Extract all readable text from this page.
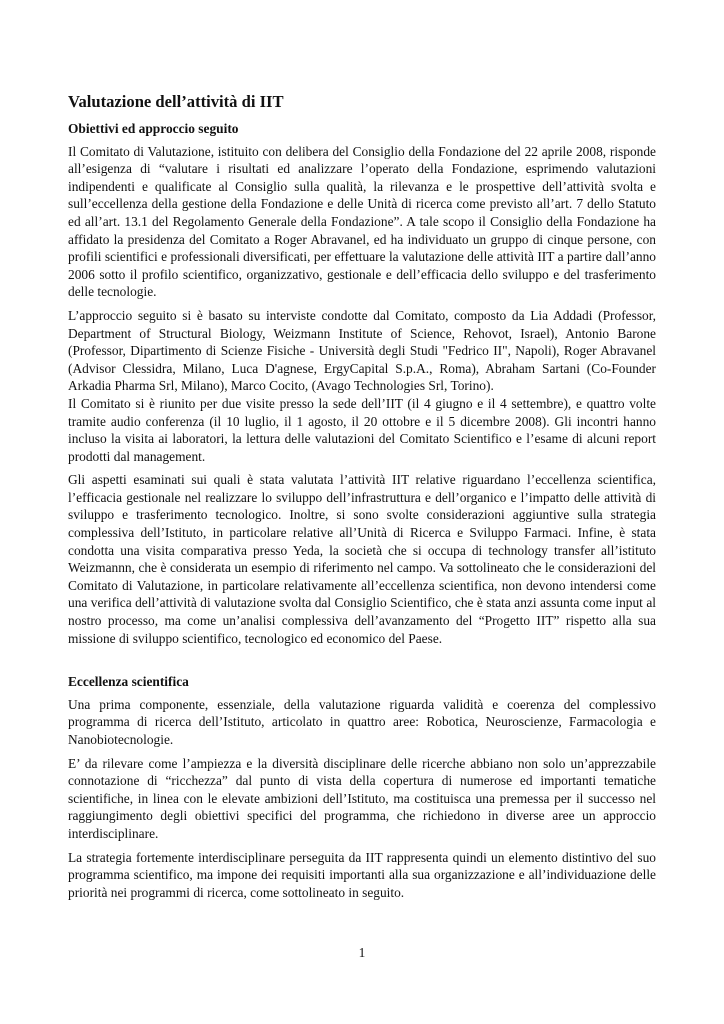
Valutazione dell’attività di IIT
Obiettivi ed approccio seguito

Il Comitato di Valutazione, istituito con delibera del Consiglio della Fondazione del 22 aprile 2008, risponde all’esigenza di “valutare i risultati ed analizzare l’operato della Fondazione, esprimendo valutazioni indipendenti e qualificate al Consiglio sulla qualità, la rilevanza e le prospettive dell’attività svolta e sull’eccellenza della gestione della Fondazione e delle Unità di ricerca come previsto all’art. 7 dello Statuto ed all’art. 13.1 del Regolamento Generale della Fondazione”. A tale scopo il Consiglio della Fondazione ha affidato la presidenza del Comitato a Roger Abravanel, ed ha individuato un gruppo di cinque persone, con profili scientifici e professionali diversificati, per effettuare la valutazione delle attività IIT a partire dall’anno 2006 sotto il profilo scientifico, organizzativo, gestionale e dell’efficacia dello sviluppo e del trasferimento delle tecnologie.

L’approccio seguito si è basato su interviste condotte dal Comitato, composto da Lia Addadi (Professor, Department of Structural Biology, Weizmann Institute of Science, Rehovot, Israel), Antonio Barone (Professor, Dipartimento di Scienze Fisiche - Università degli Studi "Fedrico II", Napoli), Roger Abravanel (Advisor Clessidra, Milano, Luca D'agnese, ErgyCapital S.p.A., Roma), Abraham Sartani (Co-Founder Arkadia Pharma Srl, Milano), Marco Cocito, (Avago Technologies Srl, Torino).

Il Comitato si è riunito per due visite presso la sede dell’IIT (il 4 giugno e il 4 settembre), e quattro volte tramite audio conferenza (il 10 luglio, il 1 agosto, il 20 ottobre e il 5 dicembre 2008). Gli incontri hanno incluso la visita ai laboratori, la lettura delle valutazioni del Comitato Scientifico e l’esame di alcuni report prodotti dal management.

Gli aspetti esaminati sui quali è stata valutata l’attività IIT relative riguardano l’eccellenza scientifica, l’efficacia gestionale nel realizzare lo sviluppo dell’infrastruttura e dell’organico e l’impatto delle attività di sviluppo e trasferimento tecnologico. Inoltre, si sono svolte considerazioni aggiuntive sulla strategia complessiva dell’Istituto, in particolare relative all’Unità di Ricerca e Sviluppo Farmaci. Infine, è stata condotta una visita comparativa presso Yeda, la società che si occupa di technology transfer all’istituto Weizmannn, che è considerata un esempio di riferimento nel campo. Va sottolineato che le considerazioni del Comitato di Valutazione, in particolare relativamente all’eccellenza scientifica, non devono intendersi come una verifica dell’attività di valutazione svolta dal Consiglio Scientifico, che è stata anzi assunta come input al nostro processo, ma come un’analisi complessiva dell’avanzamento del “Progetto IIT” rispetto alla sua missione di sviluppo scientifico, tecnologico ed economico del Paese.

Eccellenza scientifica

Una prima componente, essenziale, della valutazione riguarda validità e coerenza del complessivo programma di ricerca dell’Istituto, articolato in quattro aree: Robotica, Neuroscienze, Farmacologia e Nanobiotecnologie.

E’ da rilevare come l’ampiezza e la diversità disciplinare delle ricerche abbiano non solo un’apprezzabile connotazione di “ricchezza” dal punto di vista della copertura di numerose ed importanti tematiche scientifiche, in linea con le elevate ambizioni dell’Istituto, ma costituisca una premessa per il successo nel raggiungimento degli obiettivi specifici del programma, che richiedono in diverse aree un approccio interdisciplinare.

La strategia fortemente interdisciplinare perseguita da IIT rappresenta quindi un elemento distintivo del suo programma scientifico, ma impone dei requisiti importanti alla sua organizzazione e all’individuazione delle priorità nei programmi di ricerca, come sottolineato in seguito.

1
